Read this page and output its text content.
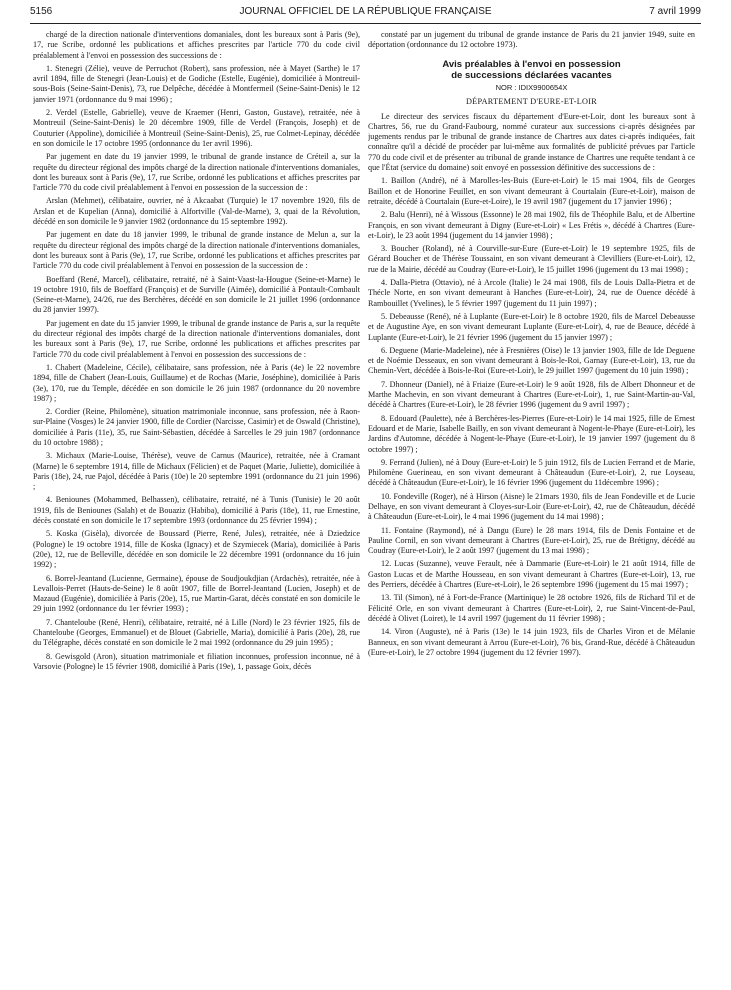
5156	JOURNAL OFFICIEL DE LA RÉPUBLIQUE FRANÇAISE	7 avril 1999

chargé de la direction nationale d'interventions domaniales, dont les bureaux sont à Paris (9e), 17, rue Scribe, ordonné les publications et affiches prescrites par l'article 770 du code civil préalablement à l'envoi en possession des successions de :

1. Stenegri (Zélie), veuve de Perruchot (Robert), sans profession, née à Mayet (Sarthe) le 17 avril 1894, fille de Stenegri (Jean-Louis) et de Godiche (Estelle, Eugénie), domiciliée à Montreuil-sous-Bois (Seine-Saint-Denis), 73, rue Delpêche, décédée à Montfermeil (Seine-Saint-Denis) le 12 janvier 1971 (ordonnance du 9 mai 1996) ;

2. Verdel (Estelle, Gabrielle), veuve de Kraemer (Henri, Gaston, Gustave), retraitée, née à Montreuil (Seine-Saint-Denis) le 20 décembre 1909, fille de Verdel (François, Joseph) et de Couturier (Appoline), domiciliée à Montreuil (Seine-Saint-Denis), 25, rue Colmet-Lepinay, décédée en son domicile le 17 octobre 1995 (ordonnance du 1er avril 1996).

Par jugement en date du 19 janvier 1999, le tribunal de grande instance de Créteil a, sur la requête du directeur régional des impôts chargé de la direction nationale d'interventions domaniales, dont les bureaux sont à Paris (9e), 17, rue Scribe, ordonné les publications et affiches prescrites par l'article 770 du code civil préalablement à l'envoi en possession de la succession de :

Arslan (Mehmet), célibataire, ouvrier, né à Akcaabat (Turquie) le 17 novembre 1920, fils de Arslan et de Kupelian (Anna), domicilié à Alfortville (Val-de-Marne), 3, quai de la Révolution, décédé en son domicile le 9 janvier 1982 (ordonnance du 15 septembre 1992).

Par jugement en date du 18 janvier 1999, le tribunal de grande instance de Melun a, sur la requête du directeur régional des impôts chargé de la direction nationale d'interventions domaniales, dont les bureaux sont à Paris (9e), 17, rue Scribe, ordonné les publications et affiches prescrites par l'article 770 du code civil préalablement à l'envoi en possession de la succession de :

Boeffard (René, Marcel), célibataire, retraité, né à Saint-Vaast-la-Hougue (Seine-et-Marne) le 19 octobre 1910, fils de Boeffard (François) et de Surville (Aimée), domicilié à Pontault-Combault (Seine-et-Marne), 24/26, rue des Berchères, décédé en son domicile le 21 juillet 1996 (ordonnance du 28 janvier 1997).

Par jugement en date du 15 janvier 1999, le tribunal de grande instance de Paris a, sur la requête du directeur régional des impôts chargé de la direction nationale d'interventions domaniales, dont les bureaux sont à Paris (9e), 17, rue Scribe, ordonné les publications et affiches prescrites par l'article 770 du code civil préalablement à l'envoi en possession des successions de :

1. Chabert (Madeleine, Cécile), célibataire, sans profession, née à Paris (4e) le 22 novembre 1894, fille de Chabert (Jean-Louis, Guillaume) et de Rochas (Marie, Joséphine), domiciliée à Paris (3e), 170, rue du Temple, décédée en son domicile le 26 juin 1987 (ordonnance du 20 novembre 1987) ;

2. Cordier (Reine, Philomène), situation matrimoniale inconnue, sans profession, née à Raon-sur-Plaine (Vosges) le 24 janvier 1900, fille de Cordier (Narcisse, Casimir) et de Oswald (Christine), domiciliée à Paris (11e), 35, rue Saint-Sébastien, décédée à Sarcelles le 29 juin 1987 (ordonnance du 10 octobre 1988) ;

3. Michaux (Marie-Louise, Thérèse), veuve de Carnus (Maurice), retraitée, née à Cramant (Marne) le 6 septembre 1914, fille de Michaux (Félicien) et de Paquet (Marie, Juliette), domiciliée à Paris (18e), 24, rue Pajol, décédée à Paris (10e) le 20 septembre 1991 (ordonnance du 21 juin 1996) ;

4. Beniounes (Mohammed, Belhassen), célibataire, retraité, né à Tunis (Tunisie) le 20 août 1919, fils de Beniounes (Salah) et de Bouaziz (Habiba), domicilié à Paris (18e), 11, rue Ernestine, décès constaté en son domicile le 17 septembre 1993 (ordonnance du 25 février 1994) ;

5. Koska (Gisèla), divorcée de Boussard (Pierre, René, Jules), retraitée, née à Dziedzice (Pologne) le 19 octobre 1914, fille de Koska (Ignacy) et de Szymiecek (Maria), domiciliée à Paris (20e), 12, rue de Belleville, décédée en son domicile le 22 décembre 1991 (ordonnance du 16 juin 1992) ;

6. Borrel-Jeantand (Lucienne, Germaine), épouse de Soudjoukdjian (Ardachès), retraitée, née à Levallois-Perret (Hauts-de-Seine) le 8 août 1907, fille de Borrel-Jeantand (Lucien, Joseph) et de Mazaud (Eugénie), domiciliée à Paris (20e), 15, rue Martin-Garat, décès constaté en son domicile le 29 juin 1992 (ordonnance du 1er février 1993) ;

7. Chanteloube (René, Henri), célibataire, retraité, né à Lille (Nord) le 23 février 1925, fils de Chanteloube (Georges, Emmanuel) et de Blouet (Gabrielle, Maria), domicilié à Paris (20e), 28, rue du Télégraphe, décès constaté en son domicile le 2 mai 1992 (ordonnance du 29 juin 1995) ;

8. Gewisgold (Aron), situation matrimoniale et filiation inconnues, profession inconnue, né à Varsovie (Pologne) le 15 février 1908, domicilié à Paris (19e), 1, passage Goix, décès

constaté par un jugement du tribunal de grande instance de Paris du 21 janvier 1949, suite en déportation (ordonnance du 12 octobre 1973).

Avis préalables à l'envoi en possession
de successions déclarées vacantes
NOR : IDIX9900654X
DÉPARTEMENT D'EURE-ET-LOIR

Le directeur des services fiscaux du département d'Eure-et-Loir, dont les bureaux sont à Chartres, 56, rue du Grand-Faubourg, nommé curateur aux successions ci-après désignées par jugements rendus par le tribunal de grande instance de Chartres aux dates ci-après indiquées, fait connaître qu'il a décidé de procéder par lui-même aux formalités de publicité prévues par l'article 770 du code civil et de présenter au tribunal de grande instance de Chartres une requête tendant à ce que l'État (service du domaine) soit envoyé en possession définitive des successions de :

1. Baillon (André), né à Marolles-les-Buis (Eure-et-Loir) le 15 mai 1904, fils de Georges Baillon et de Honorine Feuillet, en son vivant demeurant à Courtalain (Eure-et-Loir), maison de retraite, décédé à Courtalain (Eure-et-Loire), le 19 avril 1987 (jugement du 17 janvier 1996) ;

2. Balu (Henri), né à Wissous (Essonne) le 28 mai 1902, fils de Théophile Balu, et de Albertine François, en son vivant demeurant à Digny (Eure-et-Loir) « Les Frétis », décédé à Chartres (Eure-et-Loir), le 23 août 1994 (jugement du 14 janvier 1998) ;

3. Boucher (Roland), né à Courville-sur-Eure (Eure-et-Loir) le 19 septembre 1925, fils de Gérard Boucher et de Thérèse Toussaint, en son vivant demeurant à Clevilliers (Eure-et-Loir), 12, rue de la Mairie, décédé au Coudray (Eure-et-Loir), le 15 juillet 1996 (jugement du 13 mai 1998) ;

4. Dalla-Pietra (Ottavio), né à Arcole (Italie) le 24 mai 1908, fils de Louis Dalla-Pietra et de Thécle Norte, en son vivant demeurant à Hanches (Eure-et-Loir), 24, rue de Ouence décédé à Rambouillet (Yvelines), le 5 février 1997 (jugement du 11 juin 1997) ;

5. Debeausse (René), né à Luplante (Eure-et-Loir) le 8 octobre 1920, fils de Marcel Debeausse et de Augustine Aye, en son vivant demeurant Luplante (Eure-et-Loir), 4, rue de Beauce, décédé à Luplante (Eure-et-Loir), le 21 février 1996 (jugement du 15 janvier 1997) ;

6. Deguene (Marie-Madeleine), née à Fresnières (Oise) le 13 janvier 1903, fille de Ide Deguene et de Noémie Desseaux, en son vivant demeurant à Bois-le-Roi, Garnay (Eure-et-Loir), 13, rue du Chemin-Vert, décédée à Bois-le-Roi (Eure-et-Loir), le 29 juillet 1997 (jugement du 10 juin 1998) ;

7. Dhonneur (Daniel), né à Friaize (Eure-et-Loir) le 9 août 1928, fils de Albert Dhonneur et de Marthe Machevin, en son vivant demeurant à Chartres (Eure-et-Loir), 1, rue Saint-Martin-au-Val, décédé à Chartres (Eure-et-Loir), le 28 février 1996 (jugement du 9 avril 1997) ;

8. Edouard (Paulette), née à Berchères-les-Pierres (Eure-et-Loir) le 14 mai 1925, fille de Ernest Edouard et de Marie, Isabelle Bailly, en son vivant demeurant à Nogent-le-Phaye (Eure-et-Loir), les Jardins d'Automne, décédée à Nogent-le-Phaye (Eure-et-Loir), le 19 janvier 1997 (jugement du 8 octobre 1997) ;

9. Ferrand (Julien), né à Douy (Eure-et-Loir) le 5 juin 1912, fils de Lucien Ferrand et de Marie, Philomène Guerineau, en son vivant demeurant à Châteaudun (Eure-et-Loir), 2, rue Loyseau, décédé à Châteaudun (Eure-et-Loir), le 16 février 1996 (jugement du 11décembre 1996) ;

10. Fondeville (Roger), né à Hirson (Aisne) le 21mars 1930, fils de Jean Fondeville et de Lucie Delhaye, en son vivant demeurant à Cloyes-sur-Loir (Eure-et-Loir), 42, rue de Châteaudun, décédé à Châteaudun (Eure-et-Loir), le 4 mai 1996 (jugement du 14 mai 1998) ;

11. Fontaine (Raymond), né à Dangu (Eure) le 28 mars 1914, fils de Denis Fontaine et de Pauline Cornil, en son vivant demeurant à Chartres (Eure-et-Loir), 25, rue de Brétigny, décédé au Coudray (Eure-et-Loir), le 2 août 1997 (jugement du 13 mai 1998) ;

12. Lucas (Suzanne), veuve Ferault, née à Dammarie (Eure-et-Loir) le 21 août 1914, fille de Gaston Lucas et de Marthe Housseau, en son vivant demeurant à Chartres (Eure-et-Loir), 13, rue des Perriers, décédée à Chartres (Eure-et-Loir), le 26 septembre 1996 (jugement du 15 mai 1997) ;

13. Til (Simon), né à Fort-de-France (Martinique) le 28 octobre 1926, fils de Richard Til et de Félicité Orle, en son vivant demeurant à Chartres (Eure-et-Loir), 2, rue Saint-Vincent-de-Paul, décédé à Olivet (Loiret), le 14 avril 1997 (jugement du 11 février 1998) ;

14. Viron (Auguste), né à Paris (13e) le 14 juin 1923, fils de Charles Viron et de Mélanie Banneux, en son vivant demeurant à Arrou (Eure-et-Loir), 76 bis, Grand-Rue, décédé à Châteaudun (Eure-et-Loir), le 27 octobre 1994 (jugement du 12 février 1997).
